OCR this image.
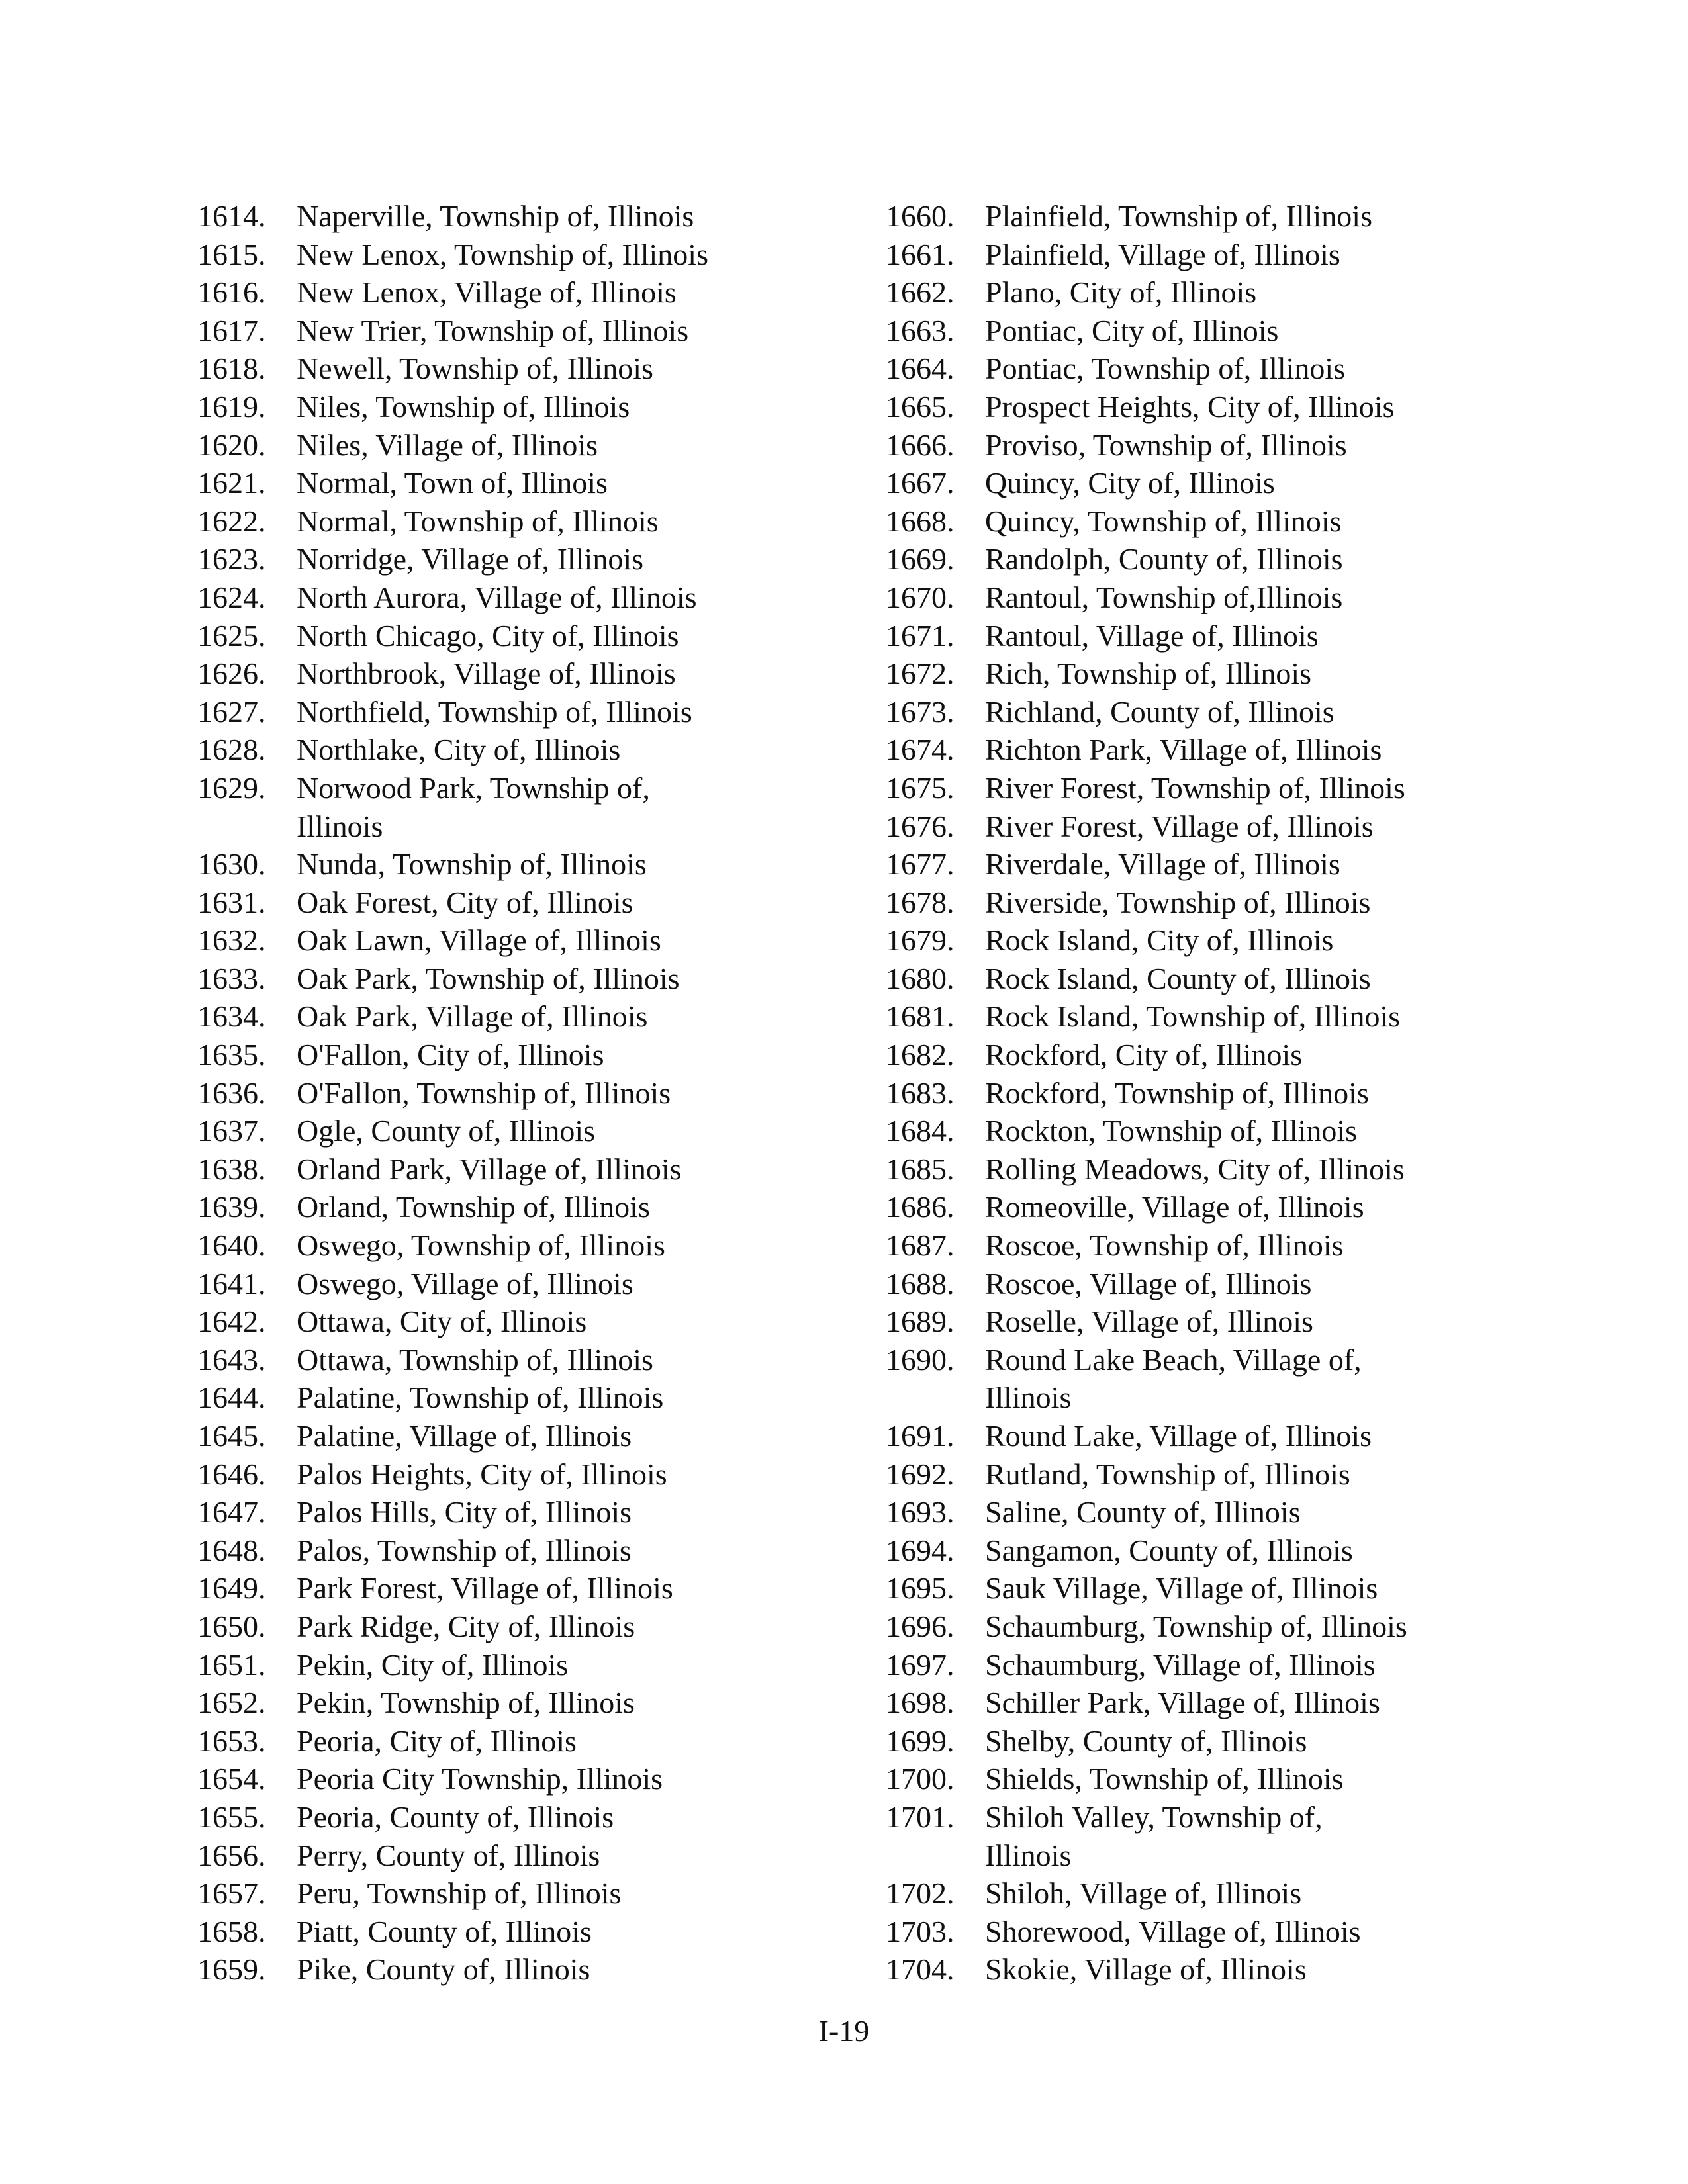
1614.	Naperville, Township of, Illinois
1615.	New Lenox, Township of, Illinois
1616.	New Lenox, Village of, Illinois
1617.	New Trier, Township of, Illinois
1618.	Newell, Township of, Illinois
1619.	Niles, Township of, Illinois
1620.	Niles, Village of, Illinois
1621.	Normal, Town of, Illinois
1622.	Normal, Township of, Illinois
1623.	Norridge, Village of, Illinois
1624.	North Aurora, Village of, Illinois
1625.	North Chicago, City of, Illinois
1626.	Northbrook, Village of, Illinois
1627.	Northfield, Township of, Illinois
1628.	Northlake, City of, Illinois
1629.	Norwood Park, Township of, Illinois
1630.	Nunda, Township of, Illinois
1631.	Oak Forest, City of, Illinois
1632.	Oak Lawn, Village of, Illinois
1633.	Oak Park, Township of, Illinois
1634.	Oak Park, Village of, Illinois
1635.	O'Fallon, City of, Illinois
1636.	O'Fallon, Township of, Illinois
1637.	Ogle, County of, Illinois
1638.	Orland Park, Village of, Illinois
1639.	Orland, Township of, Illinois
1640.	Oswego, Township of, Illinois
1641.	Oswego, Village of, Illinois
1642.	Ottawa, City of, Illinois
1643.	Ottawa, Township of, Illinois
1644.	Palatine, Township of, Illinois
1645.	Palatine, Village of, Illinois
1646.	Palos Heights, City of, Illinois
1647.	Palos Hills, City of, Illinois
1648.	Palos, Township of, Illinois
1649.	Park Forest, Village of, Illinois
1650.	Park Ridge, City of, Illinois
1651.	Pekin, City of, Illinois
1652.	Pekin, Township of, Illinois
1653.	Peoria, City of, Illinois
1654.	Peoria City Township, Illinois
1655.	Peoria, County of, Illinois
1656.	Perry, County of, Illinois
1657.	Peru, Township of, Illinois
1658.	Piatt, County of, Illinois
1659.	Pike, County of, Illinois
1660.	Plainfield, Township of, Illinois
1661.	Plainfield, Village of, Illinois
1662.	Plano, City of, Illinois
1663.	Pontiac, City of, Illinois
1664.	Pontiac, Township of, Illinois
1665.	Prospect Heights, City of, Illinois
1666.	Proviso, Township of, Illinois
1667.	Quincy, City of, Illinois
1668.	Quincy, Township of, Illinois
1669.	Randolph, County of, Illinois
1670.	Rantoul, Township of,Illinois
1671.	Rantoul, Village of, Illinois
1672.	Rich, Township of, Illinois
1673.	Richland, County of, Illinois
1674.	Richton Park, Village of, Illinois
1675.	River Forest, Township of, Illinois
1676.	River Forest, Village of, Illinois
1677.	Riverdale, Village of, Illinois
1678.	Riverside, Township of, Illinois
1679.	Rock Island, City of, Illinois
1680.	Rock Island, County of, Illinois
1681.	Rock Island, Township of, Illinois
1682.	Rockford, City of, Illinois
1683.	Rockford, Township of, Illinois
1684.	Rockton, Township of, Illinois
1685.	Rolling Meadows, City of, Illinois
1686.	Romeoville, Village of, Illinois
1687.	Roscoe, Township of, Illinois
1688.	Roscoe, Village of, Illinois
1689.	Roselle, Village of, Illinois
1690.	Round Lake Beach, Village of, Illinois
1691.	Round Lake, Village of, Illinois
1692.	Rutland, Township of, Illinois
1693.	Saline, County of, Illinois
1694.	Sangamon, County of, Illinois
1695.	Sauk Village, Village of, Illinois
1696.	Schaumburg, Township of, Illinois
1697.	Schaumburg, Village of, Illinois
1698.	Schiller Park, Village of, Illinois
1699.	Shelby, County of, Illinois
1700.	Shields, Township of, Illinois
1701.	Shiloh Valley, Township of, Illinois
1702.	Shiloh, Village of, Illinois
1703.	Shorewood, Village of, Illinois
1704.	Skokie, Village of, Illinois
I-19
